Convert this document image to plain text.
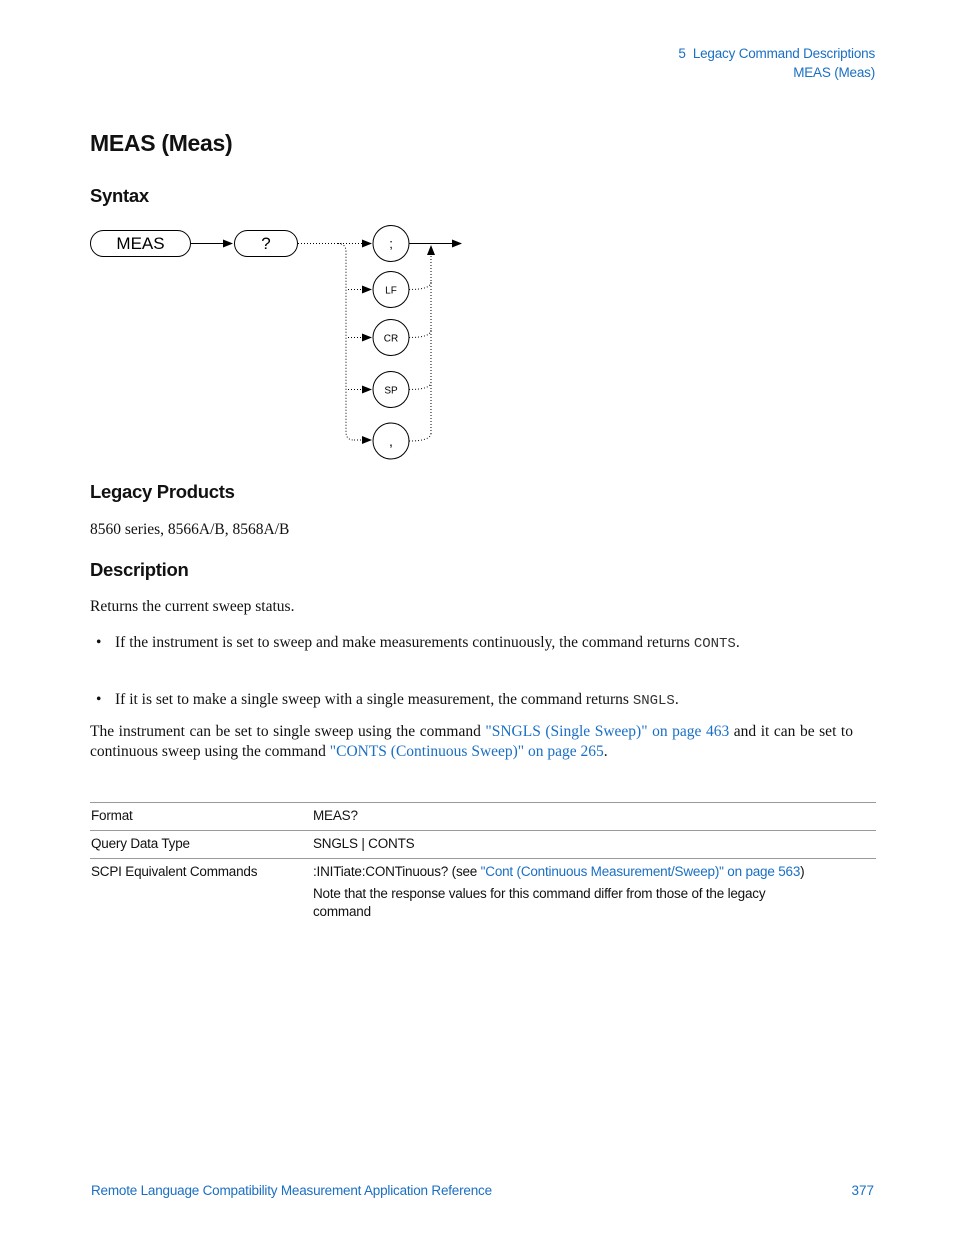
5  Legacy Command Descriptions
MEAS (Meas)
MEAS (Meas)
Syntax
MEAS	?	;
LF
CR
SP
,
Legacy Products

8560 series, 8566A/B, 8568A/B

Description

Returns the current sweep status.

• If the instrument is set to sweep and make measurements continuously, the command returns CONTS.
• If it is set to make a single sweep with a single measurement, the command returns SNGLS.
The instrument can be set to single sweep using the command "SNGLS (Single Sweep)" on page 463 and it can be set to continuous sweep using the command "CONTS (Continuous Sweep)" on page 265.
Format	MEAS?
Query Data Type	SNGLS | CONTS
SCPI Equivalent Commands	:INITiate:CONTinuous? (see "Cont (Continuous Measurement/Sweep)" on page 563)
Note that the response values for this command differ from those of the legacy command
Remote Language Compatibility Measurement Application Reference	377
